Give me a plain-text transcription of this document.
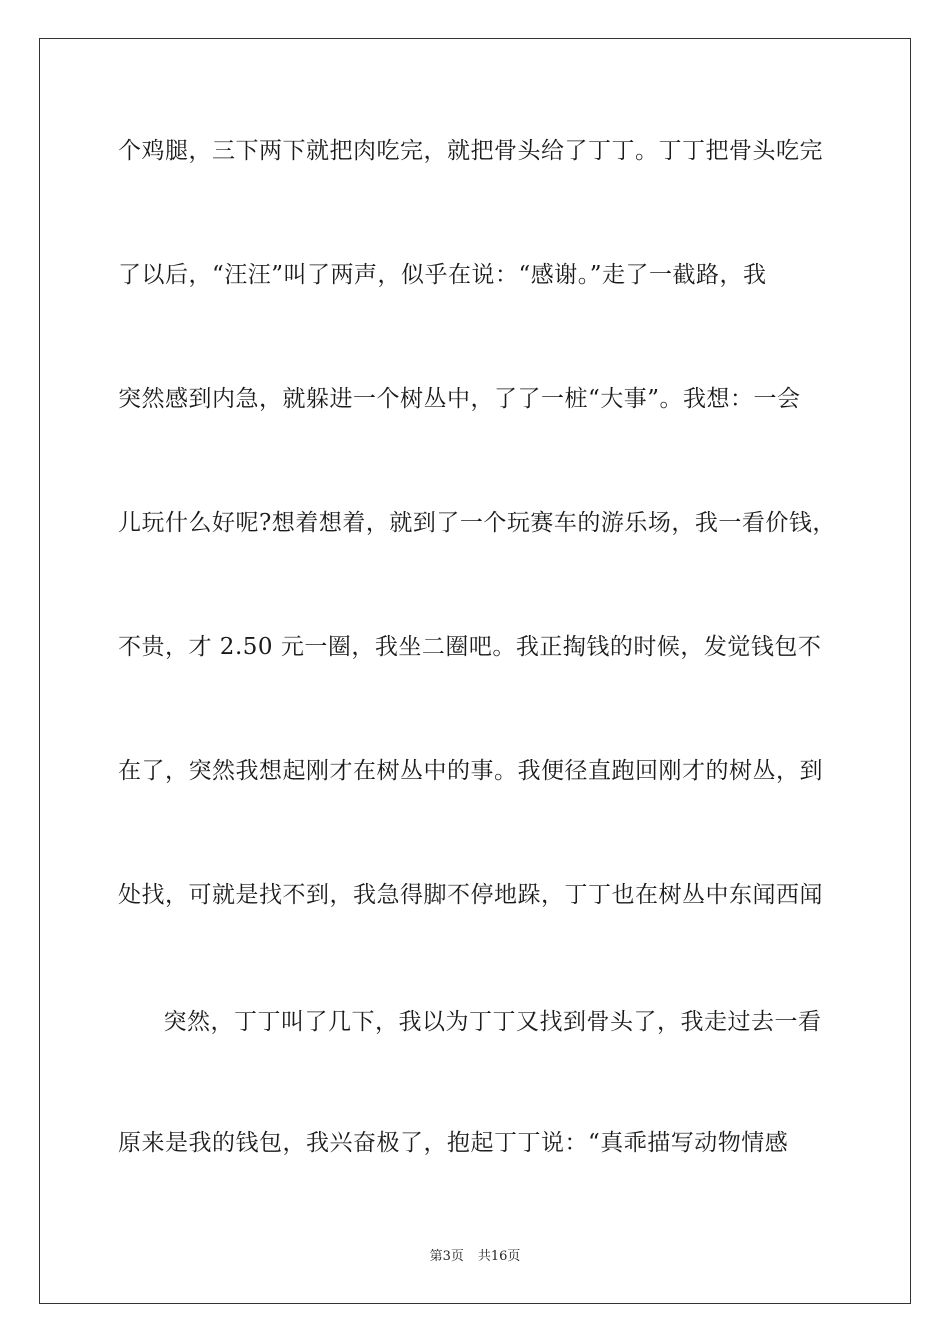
个鸡腿，三下两下就把肉吃完，就把骨头给了丁丁。丁丁把骨头吃完
了以后，“汪汪”叫了两声，似乎在说：“感谢。”走了一截路，我
突然感到内急，就躲进一个树丛中，了了一桩“大事”。我想：一会
儿玩什么好呢?想着想着，就到了一个玩赛车的游乐场，我一看价钱，
不贵，才 2.50 元一圈，我坐二圈吧。我正掏钱的时候，发觉钱包不
在了，突然我想起刚才在树丛中的事。我便径直跑回刚才的树丛，到
处找，可就是找不到，我急得脚不停地跺，丁丁也在树丛中东闻西闻
　突然，丁丁叫了几下，我以为丁丁又找到骨头了，我走过去一看
原来是我的钱包，我兴奋极了，抱起丁丁说：“真乖描写动物情感
第3页 共16页
